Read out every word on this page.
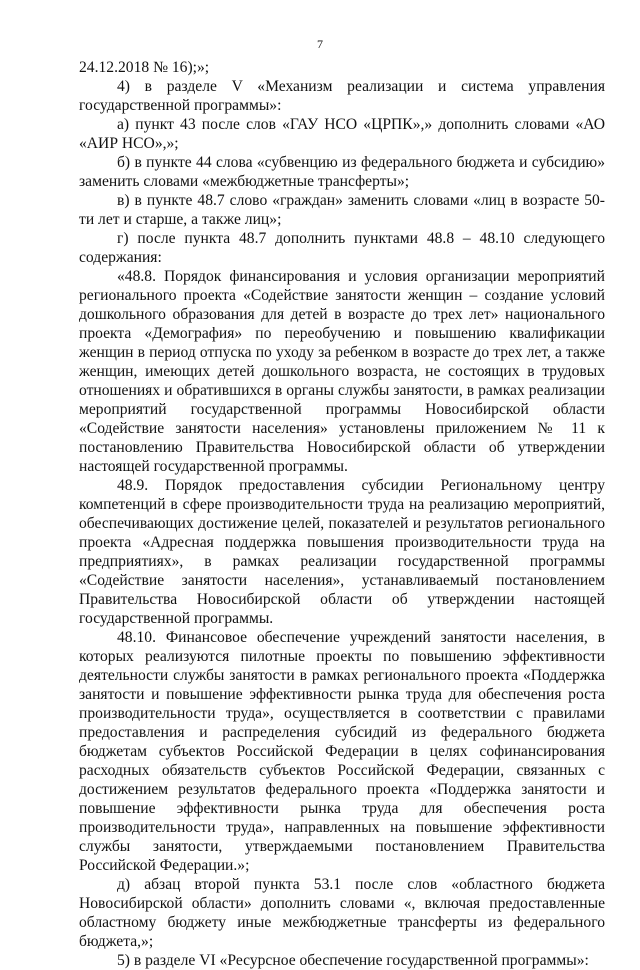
7

24.12.2018 № 16);»;

4) в разделе V «Механизм реализации и система управления государственной программы»:

а) пункт 43 после слов «ГАУ НСО «ЦРПК»,» дополнить словами «АО «АИР НСО»,»;

б) в пункте 44 слова «субвенцию из федерального бюджета и субсидию» заменить словами «межбюджетные трансферты»;

в) в пункте 48.7 слово «граждан» заменить словами «лиц в возрасте 50-ти лет и старше, а также лиц»;

г) после пункта 48.7 дополнить пунктами 48.8 – 48.10 следующего содержания:

«48.8. Порядок финансирования и условия организации мероприятий регионального проекта «Содействие занятости женщин – создание условий дошкольного образования для детей в возрасте до трех лет» национального проекта «Демография» по переобучению и повышению квалификации женщин в период отпуска по уходу за ребенком в возрасте до трех лет, а также женщин, имеющих детей дошкольного возраста, не состоящих в трудовых отношениях и обратившихся в органы службы занятости, в рамках реализации мероприятий государственной программы Новосибирской области «Содействие занятости населения» установлены приложением № 11 к постановлению Правительства Новосибирской области об утверждении настоящей государственной программы.

48.9. Порядок предоставления субсидии Региональному центру компетенций в сфере производительности труда на реализацию мероприятий, обеспечивающих достижение целей, показателей и результатов регионального проекта «Адресная поддержка повышения производительности труда на предприятиях», в рамках реализации государственной программы «Содействие занятости населения», устанавливаемый постановлением Правительства Новосибирской области об утверждении настоящей государственной программы.

48.10. Финансовое обеспечение учреждений занятости населения, в которых реализуются пилотные проекты по повышению эффективности деятельности службы занятости в рамках регионального проекта «Поддержка занятости и повышение эффективности рынка труда для обеспечения роста производительности труда», осуществляется в соответствии с правилами предоставления и распределения субсидий из федерального бюджета бюджетам субъектов Российской Федерации в целях софинансирования расходных обязательств субъектов Российской Федерации, связанных с достижением результатов федерального проекта «Поддержка занятости и повышение эффективности рынка труда для обеспечения роста производительности труда», направленных на повышение эффективности службы занятости, утверждаемыми постановлением Правительства Российской Федерации.»;

д) абзац второй пункта 53.1 после слов «областного бюджета Новосибирской области» дополнить словами «, включая предоставленные областному бюджету иные межбюджетные трансферты из федерального бюджета,»;

5) в разделе VI «Ресурсное обеспечение государственной программы»:
